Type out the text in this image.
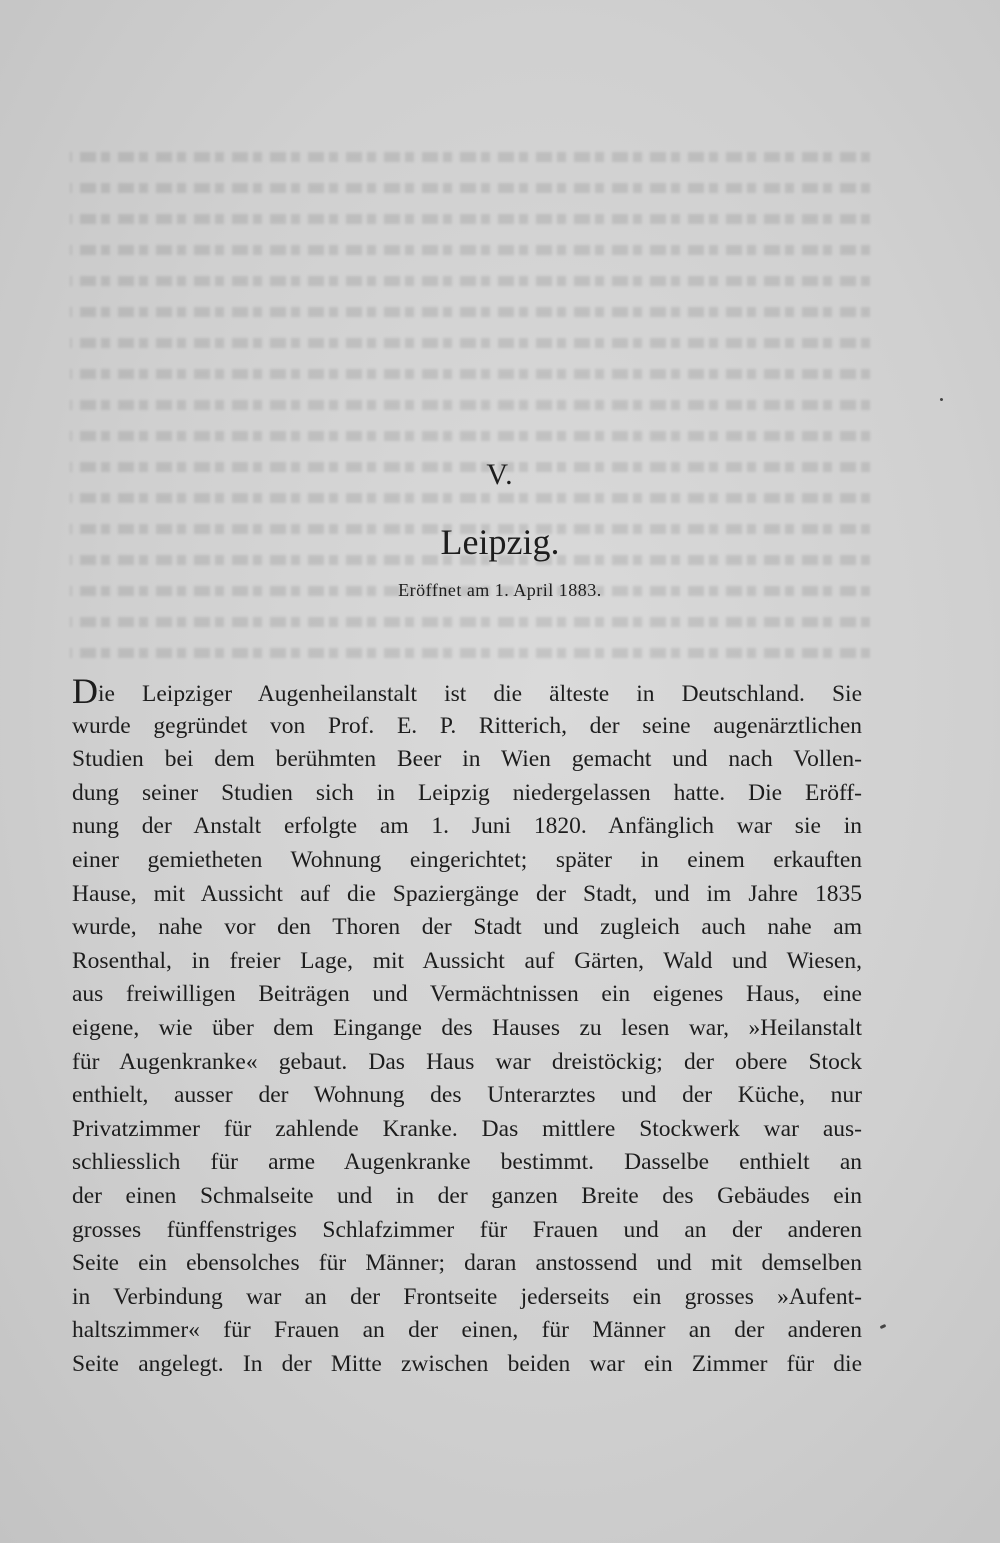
V.
Leipzig.
Eröffnet am 1. April 1883.
Die Leipziger Augenheilanstalt ist die älteste in Deutschland. Sie
wurde gegründet von Prof. E. P. Ritterich, der seine augenärztlichen
Studien bei dem berühmten Beer in Wien gemacht und nach Vollen-
dung seiner Studien sich in Leipzig niedergelassen hatte. Die Eröff-
nung der Anstalt erfolgte am 1. Juni 1820. Anfänglich war sie in
einer gemietheten Wohnung eingerichtet; später in einem erkauften
Hause, mit Aussicht auf die Spaziergänge der Stadt, und im Jahre 1835
wurde, nahe vor den Thoren der Stadt und zugleich auch nahe am
Rosenthal, in freier Lage, mit Aussicht auf Gärten, Wald und Wiesen,
aus freiwilligen Beiträgen und Vermächtnissen ein eigenes Haus, eine
eigene, wie über dem Eingange des Hauses zu lesen war, »Heilanstalt
für Augenkranke« gebaut. Das Haus war dreistöckig; der obere Stock
enthielt, ausser der Wohnung des Unterarztes und der Küche, nur
Privatzimmer für zahlende Kranke. Das mittlere Stockwerk war aus-
schliesslich für arme Augenkranke bestimmt. Dasselbe enthielt an
der einen Schmalseite und in der ganzen Breite des Gebäudes ein
grosses fünffenstriges Schlafzimmer für Frauen und an der anderen
Seite ein ebensolches für Männer; daran anstossend und mit demselben
in Verbindung war an der Frontseite jederseits ein grosses »Aufent-
haltszimmer« für Frauen an der einen, für Männer an der anderen
Seite angelegt. In der Mitte zwischen beiden war ein Zimmer für die
